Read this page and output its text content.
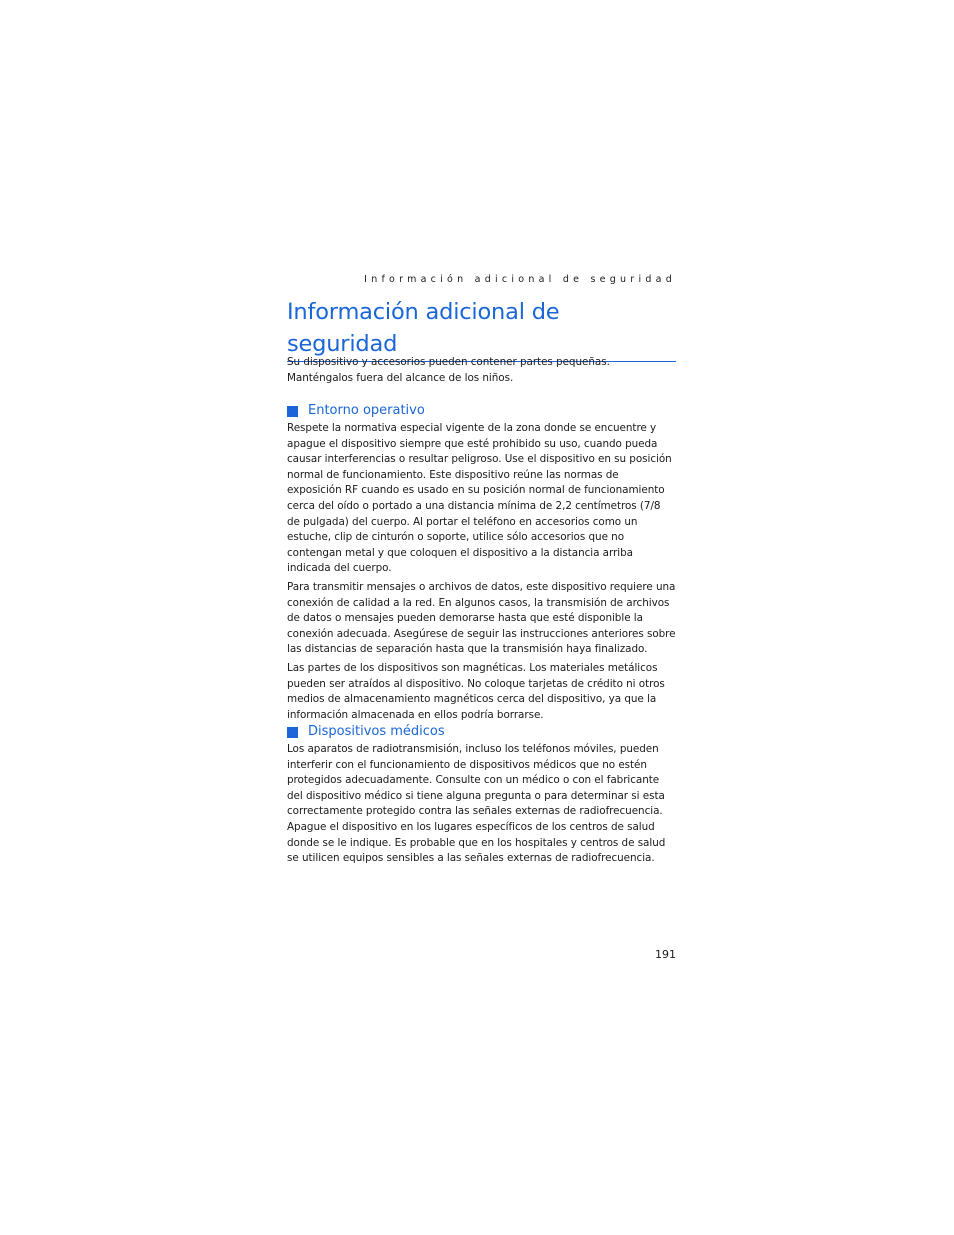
Información adicional de seguridad
Información adicional de seguridad

Su dispositivo y accesorios pueden contener partes pequeñas. Manténgalos fuera del alcance de los niños.

Entorno operativo

Respete la normativa especial vigente de la zona donde se encuentre y apague el dispositivo siempre que esté prohibido su uso, cuando pueda causar interferencias o resultar peligroso. Use el dispositivo en su posición normal de funcionamiento. Este dispositivo reúne las normas de exposición RF cuando es usado en su posición normal de funcionamiento cerca del oído o portado a una distancia mínima de 2,2 centímetros (7/8 de pulgada) del cuerpo. Al portar el teléfono en accesorios como un estuche, clip de cinturón o soporte, utilice sólo accesorios que no contengan metal y que coloquen el dispositivo a la distancia arriba indicada del cuerpo.

Para transmitir mensajes o archivos de datos, este dispositivo requiere una conexión de calidad a la red. En algunos casos, la transmisión de archivos de datos o mensajes pueden demorarse hasta que esté disponible la conexión adecuada. Asegúrese de seguir las instrucciones anteriores sobre las distancias de separación hasta que la transmisión haya finalizado.

Las partes de los dispositivos son magnéticas. Los materiales metálicos pueden ser atraídos al dispositivo. No coloque tarjetas de crédito ni otros medios de almacenamiento magnéticos cerca del dispositivo, ya que la información almacenada en ellos podría borrarse.

Dispositivos médicos

Los aparatos de radiotransmisión, incluso los teléfonos móviles, pueden interferir con el funcionamiento de dispositivos médicos que no estén protegidos adecuadamente. Consulte con un médico o con el fabricante del dispositivo médico si tiene alguna pregunta o para determinar si esta correctamente protegido contra las señales externas de radiofrecuencia. Apague el dispositivo en los lugares específicos de los centros de salud donde se le indique. Es probable que en los hospitales y centros de salud se utilicen equipos sensibles a las señales externas de radiofrecuencia.

191
